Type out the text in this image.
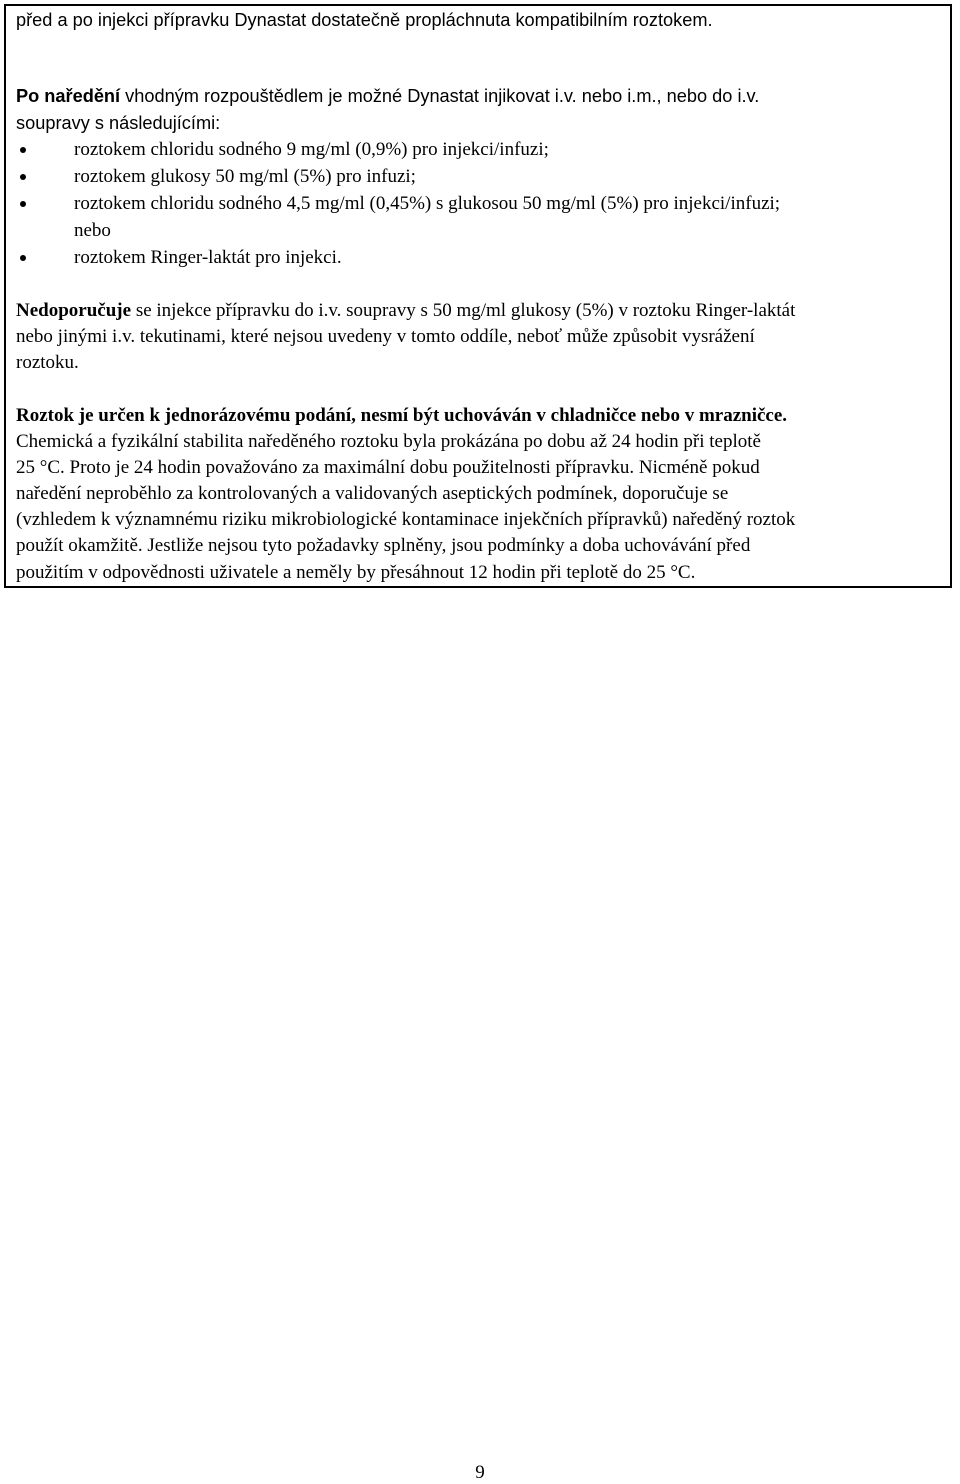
před a po injekci přípravku Dynastat dostatečně propláchnuta kompatibilním roztokem.
Po naředění vhodným rozpouštědlem je možné Dynastat injikovat i.v. nebo i.m., nebo do i.v.
soupravy s následujícími:
roztokem chloridu sodného 9 mg/ml (0,9%) pro injekci/infuzi;
roztokem glukosy 50 mg/ml (5%) pro infuzi;
roztokem chloridu sodného 4,5 mg/ml (0,45%) s glukosou 50 mg/ml (5%) pro injekci/infuzi;
nebo
roztokem Ringer-laktát pro injekci.
Nedoporučuje se injekce přípravku do i.v. soupravy s 50 mg/ml glukosy (5%) v roztoku Ringer-laktát
nebo jinými i.v. tekutinami, které nejsou uvedeny v tomto oddíle, neboť může způsobit vysrážení
roztoku.
Roztok je určen k jednorázovému podání, nesmí být uchováván v chladničce nebo v mrazničce.
Chemická a fyzikální stabilita naředěného roztoku byla prokázána po dobu až 24 hodin při teplotě
25 °C. Proto je 24 hodin považováno za maximální dobu použitelnosti přípravku. Nicméně pokud
naředění neproběhlo za kontrolovaných a validovaných aseptických podmínek, doporučuje se
(vzhledem k významnému riziku mikrobiologické kontaminace injekčních přípravků) naředěný roztok
použít okamžitě. Jestliže nejsou tyto požadavky splněny, jsou podmínky a doba uchovávání před
použitím v odpovědnosti uživatele a neměly by přesáhnout 12 hodin při teplotě do 25 °C.
9
